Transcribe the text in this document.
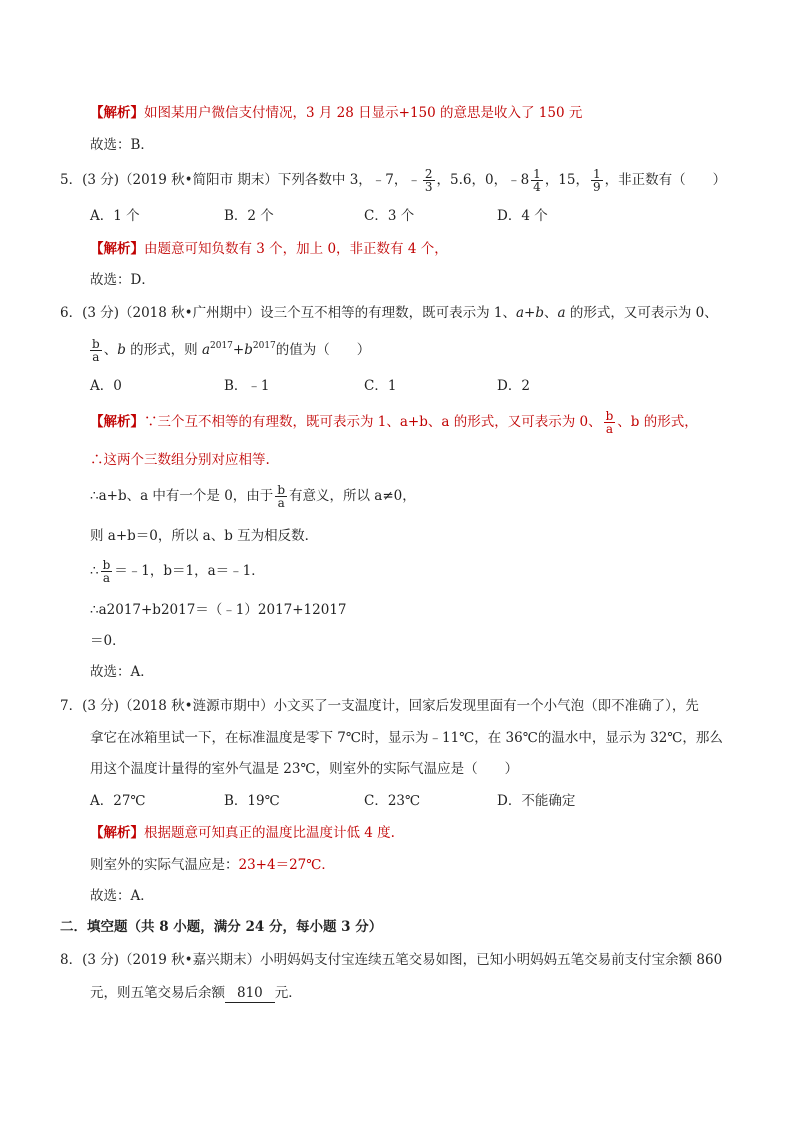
【解析】如图某用户微信支付情况，3 月 28 日显示+150 的意思是收入了 150 元
故选：B．
5．(3 分)（2019 秋•简阳市 期末）下列各数中 3，﹣7，﹣ $\frac{2}{3}$ ，5.6，0，﹣8 $\frac{1}{4}$ ，15， $\frac{1}{9}$ ，非正数有（　　）
A．1 个	B．2 个	C．3 个	D．4 个
【解析】由题意可知负数有 3 个，加上 0，非正数有 4 个，
故选：D．
6．(3 分)（2018 秋•广州期中）设三个互不相等的有理数，既可表示为 1、a+b、a 的形式，又可表示为 0、
$\frac{b}{a}$ 、b 的形式，则 $a^{2017}+b^{2017}$的值为（　　）
A．0	B．﹣1	C．1	D．2
【解析】∵三个互不相等的有理数，既可表示为 1、a+b、a 的形式，又可表示为 0、 $\frac{b}{a}$ 、b 的形式，
∴这两个三数组分别对应相等.
∴a+b、a 中有一个是 0，由于 $\frac{b}{a}$ 有意义，所以 a≠0，
则 a+b＝0，所以 a、b 互为相反数．
∴ $\frac{b}{a}$ ＝﹣1，b＝1，a＝﹣1．
∴a2017+b2017＝（﹣1）2017+12017
＝0．
故选：A．
7．(3 分)（2018 秋•涟源市期中）小文买了一支温度计，回家后发现里面有一个小气泡（即不准确了），先
拿它在冰箱里试一下，在标准温度是零下 7℃时，显示为﹣11℃，在 36℃的温水中，显示为 32℃，那么
用这个温度计量得的室外气温是 23℃，则室外的实际气温应是（　　）
A．27℃	B．19℃	C．23℃	D．不能确定
【解析】根据题意可知真正的温度比温度计低 4 度.
则室外的实际气温应是：23+4＝27℃．
故选：A．
二．填空题（共 8 小题，满分 24 分，每小题 3 分）
8．(3 分)（2019 秋•嘉兴期末）小明妈妈支付宝连续五笔交易如图，已知小明妈妈五笔交易前支付宝余额 860
元，则五笔交易后余额 810 元．
